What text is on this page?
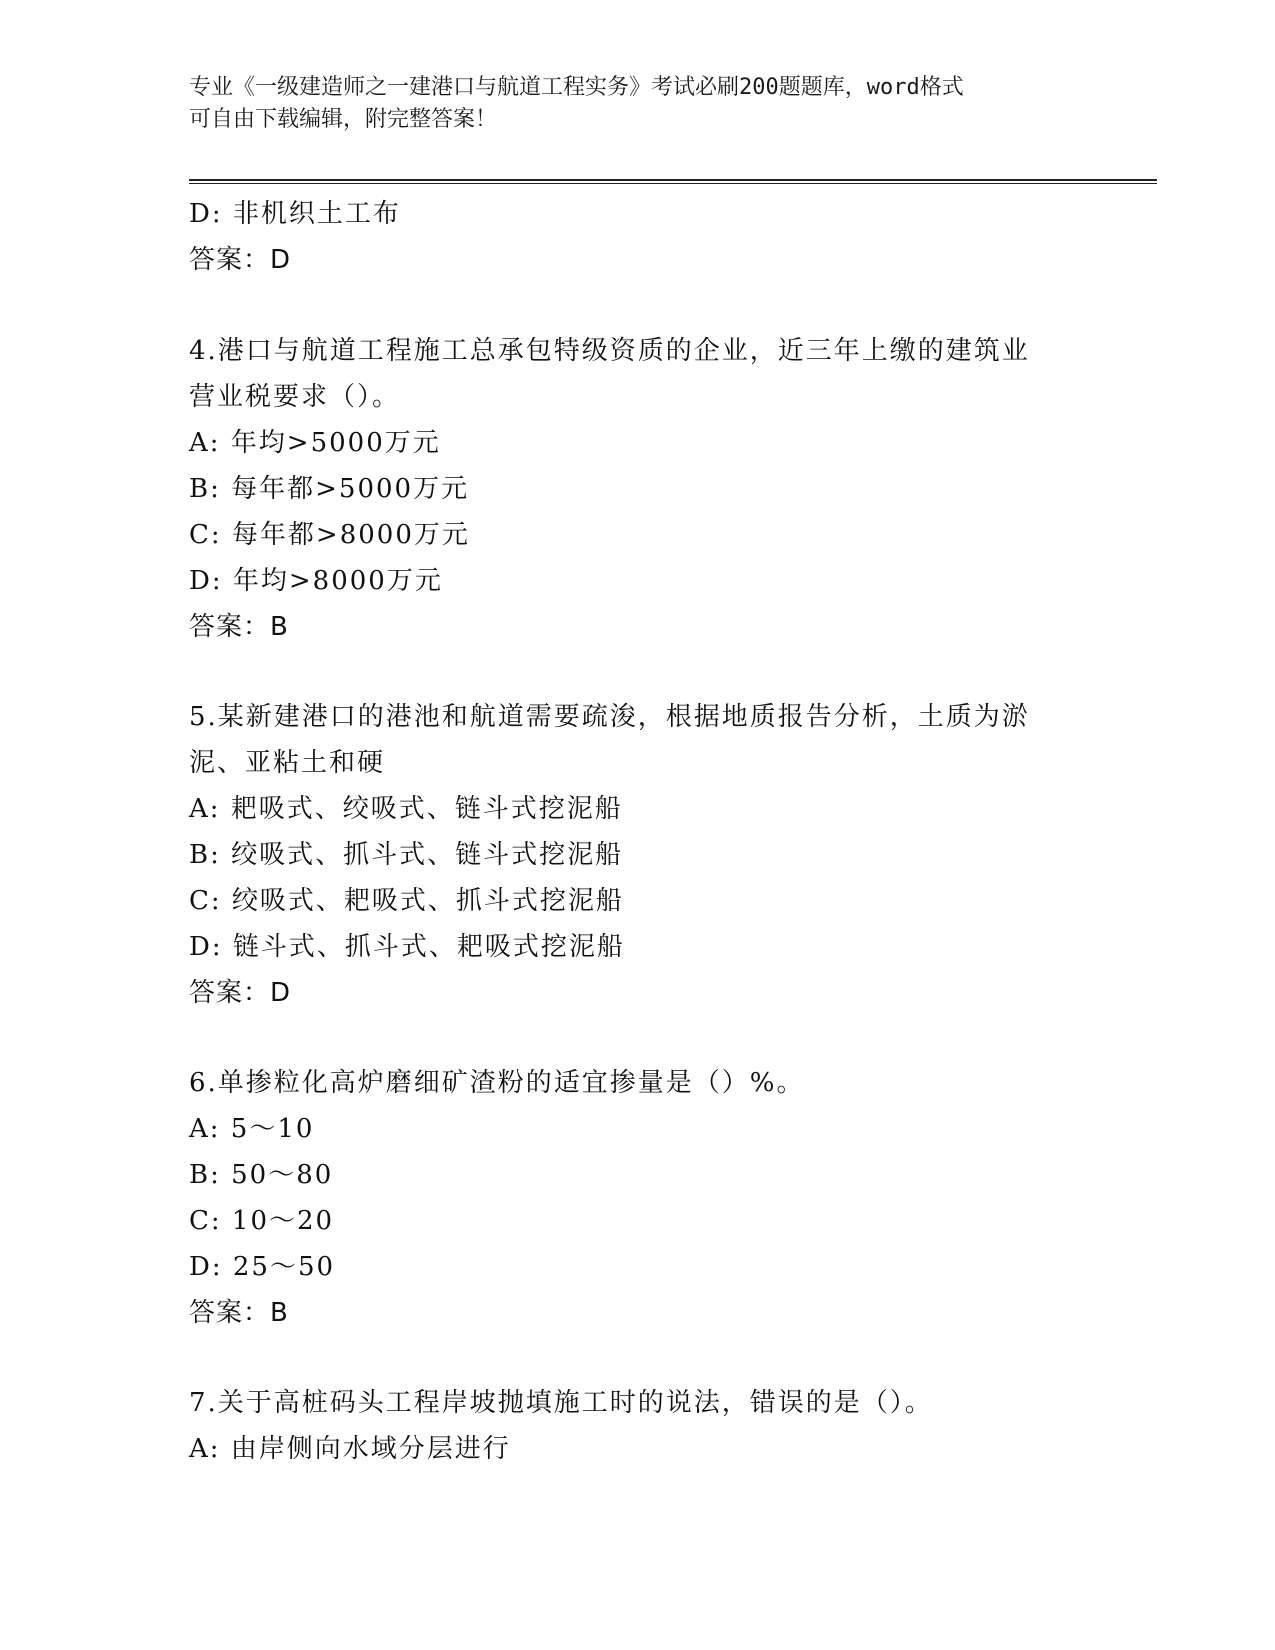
专业《一级建造师之一建港口与航道工程实务》考试必刷200题题库，word格式
可自由下载编辑，附完整答案！
D: 非机织土工布
答案：D
4.港口与航道工程施工总承包特级资质的企业，近三年上缴的建筑业
营业税要求（）。
A: 年均>5000万元
B: 每年都>5000万元
C: 每年都>8000万元
D: 年均>8000万元
答案：B
5.某新建港口的港池和航道需要疏浚，根据地质报告分析，土质为淤
泥、亚粘土和硬
A: 耙吸式、绞吸式、链斗式挖泥船
B: 绞吸式、抓斗式、链斗式挖泥船
C: 绞吸式、耙吸式、抓斗式挖泥船
D: 链斗式、抓斗式、耙吸式挖泥船
答案：D
6.单掺粒化高炉磨细矿渣粉的适宜掺量是（）%。
A: 5～10
B: 50～80
C: 10～20
D: 25～50
答案：B
7.关于高桩码头工程岸坡抛填施工时的说法，错误的是（）。
A: 由岸侧向水域分层进行
